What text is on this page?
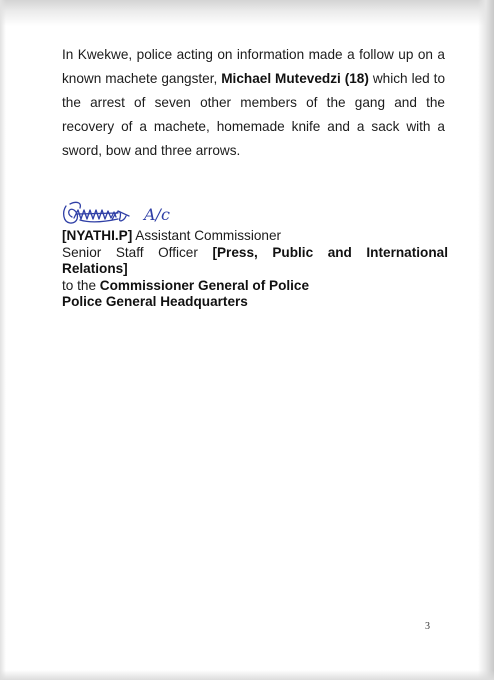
In Kwekwe, police acting on information made a follow up on a known machete gangster, Michael Mutevedzi (18) which led to the arrest of seven other members of the gang and the recovery of a machete, homemade knife and a sack with a sword, bow and three arrows.

A/c
[NYATHI.P] Assistant Commissioner
Senior Staff Officer [Press, Public and International
Relations]
to the Commissioner General of Police
Police General Headquarters
3
